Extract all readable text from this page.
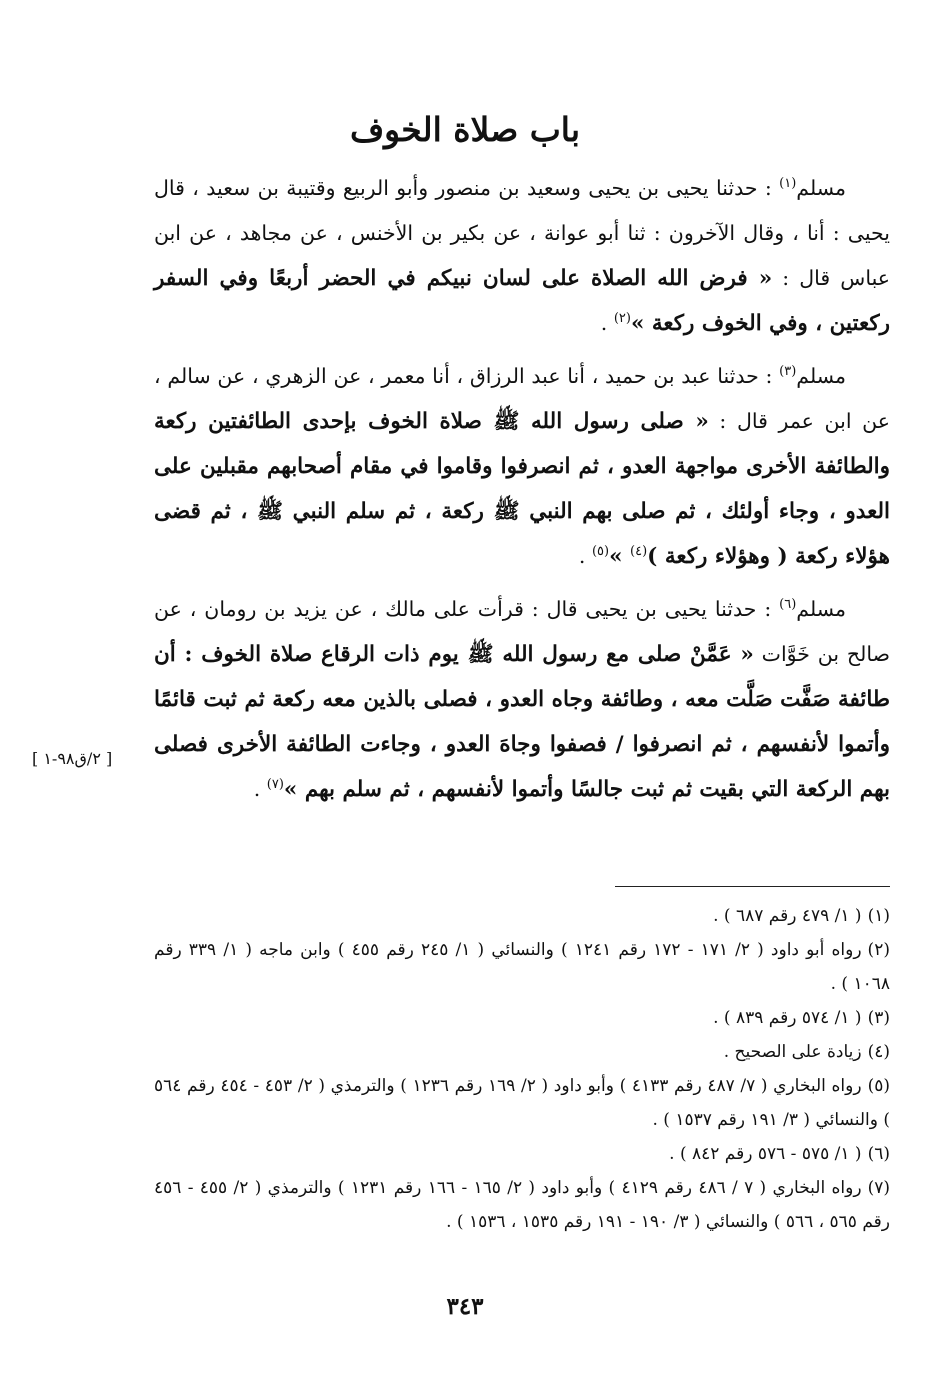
باب صلاة الخوف

مسلم$^{(١)}$ : حدثنا يحيى بن يحيى وسعيد بن منصور وأبو الربيع وقتيبة بن سعيد ، قال يحيى : أنا ، وقال الآخرون : ثنا أبو عوانة ، عن بكير بن الأخنس ، عن مجاهد ، عن ابن عباس قال : « فرض الله الصلاة على لسان نبيكم في الحضر أربعًا وفي السفر ركعتين ، وفي الخوف ركعة »$^{(٢)}$ .

مسلم$^{(٣)}$ : حدثنا عبد بن حميد ، أنا عبد الرزاق ، أنا معمر ، عن الزهري ، عن سالم ، عن ابن عمر قال : « صلى رسول الله ﷺ صلاة الخوف بإحدى الطائفتين ركعة والطائفة الأخرى مواجهة العدو ، ثم انصرفوا وقاموا في مقام أصحابهم مقبلين على العدو ، وجاء أولئك ، ثم صلى بهم النبي ﷺ ركعة ، ثم سلم النبي ﷺ ، ثم قضى هؤلاء ركعة ( وهؤلاء ركعة )$^{(٤)}$ »$^{(٥)}$ .

مسلم$^{(٦)}$ : حدثنا يحيى بن يحيى قال : قرأت على مالك ، عن يزيد بن رومان ، عن صالح بن خَوَّات « عَمَّنْ صلى مع رسول الله ﷺ يوم ذات الرقاع صلاة الخوف : أن طائفة صَفَّت صَلَّت معه ، وطائفة وجاه العدو ، فصلى بالذين معه ركعة ثم ثبت قائمًا وأتموا لأنفسهم ، ثم انصرفوا / فصفوا وجاهَ العدو ، وجاءت الطائفة الأخرى فصلى بهم الركعة التي بقيت ثم ثبت جالسًا وأتموا لأنفسهم ، ثم سلم بهم »$^{(٧)}$ .

[ ٢/ق٩٨-١ ]

(١)( ١/ ٤٧٩ رقم ٦٨٧ ) .

(٢)رواه أبو داود ( ٢/ ١٧١ - ١٧٢ رقم ١٢٤١ ) والنسائي ( ١/ ٢٤٥ رقم ٤٥٥ ) وابن ماجه ( ١/ ٣٣٩ رقم ١٠٦٨ ) .

(٣)( ١/ ٥٧٤ رقم ٨٣٩ ) .

(٤)زيادة على الصحيح .

(٥)رواه البخاري ( ٧/ ٤٨٧ رقم ٤١٣٣ ) وأبو داود ( ٢/ ١٦٩ رقم ١٢٣٦ ) والترمذي ( ٢/ ٤٥٣ - ٤٥٤ رقم ٥٦٤ ) والنسائي ( ٣/ ١٩١ رقم ١٥٣٧ ) .

(٦)( ١/ ٥٧٥ - ٥٧٦ رقم ٨٤٢ ) .

(٧)رواه البخاري ( ٧ / ٤٨٦ رقم ٤١٢٩ ) وأبو داود ( ٢/ ١٦٥ - ١٦٦ رقم ١٢٣١ ) والترمذي ( ٢/ ٤٥٥ - ٤٥٦ رقم ٥٦٥ ، ٥٦٦ ) والنسائي ( ٣/ ١٩٠ - ١٩١ رقم ١٥٣٥ ، ١٥٣٦ ) .

٣٤٣
